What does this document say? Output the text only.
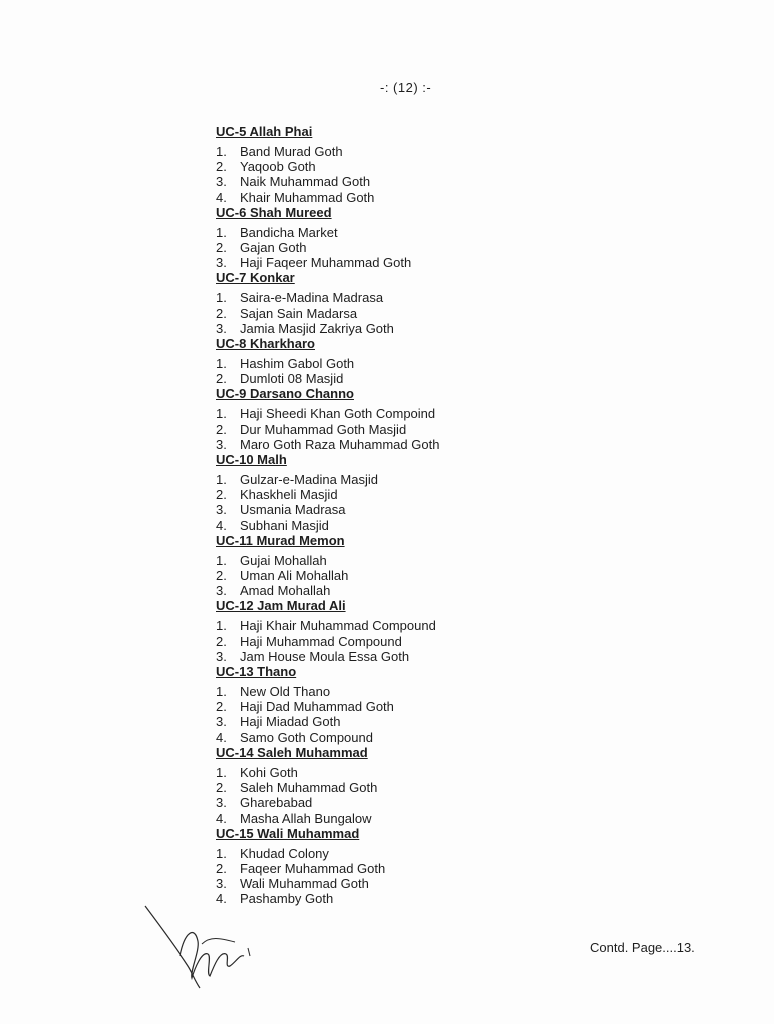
-: (12) :-
UC-5 Allah Phai
1.	Band Murad Goth
2.	Yaqoob Goth
3.	Naik Muhammad Goth
4.	Khair Muhammad Goth
UC-6 Shah Mureed
1.	Bandicha Market
2.	Gajan Goth
3.	Haji Faqeer Muhammad Goth
UC-7 Konkar
1.	Saira-e-Madina Madrasa
2.	Sajan Sain Madarsa
3.	Jamia Masjid Zakriya Goth
UC-8 Kharkharo
1.	Hashim Gabol Goth
2.	Dumloti 08 Masjid
UC-9 Darsano Channo
1.	Haji Sheedi Khan Goth Compoind
2.	Dur Muhammad Goth Masjid
3.	Maro Goth Raza Muhammad Goth
UC-10 Malh
1.	Gulzar-e-Madina Masjid
2.	Khaskheli Masjid
3.	Usmania Madrasa
4.	Subhani Masjid
UC-11 Murad Memon
1.	Gujai Mohallah
2.	Uman Ali Mohallah
3.	Amad Mohallah
UC-12 Jam Murad Ali
1.	Haji Khair Muhammad Compound
2.	Haji Muhammad Compound
3.	Jam House Moula Essa Goth
UC-13 Thano
1.	New Old Thano
2.	Haji Dad Muhammad Goth
3.	Haji Miadad Goth
4.	Samo Goth Compound
UC-14 Saleh Muhammad
1.	Kohi Goth
2.	Saleh Muhammad Goth
3.	Gharebabad
4.	Masha Allah Bungalow
UC-15 Wali Muhammad
1.	Khudad Colony
2.	Faqeer Muhammad Goth
3.	Wali Muhammad Goth
4.	Pashamby Goth
Contd. Page....13.
